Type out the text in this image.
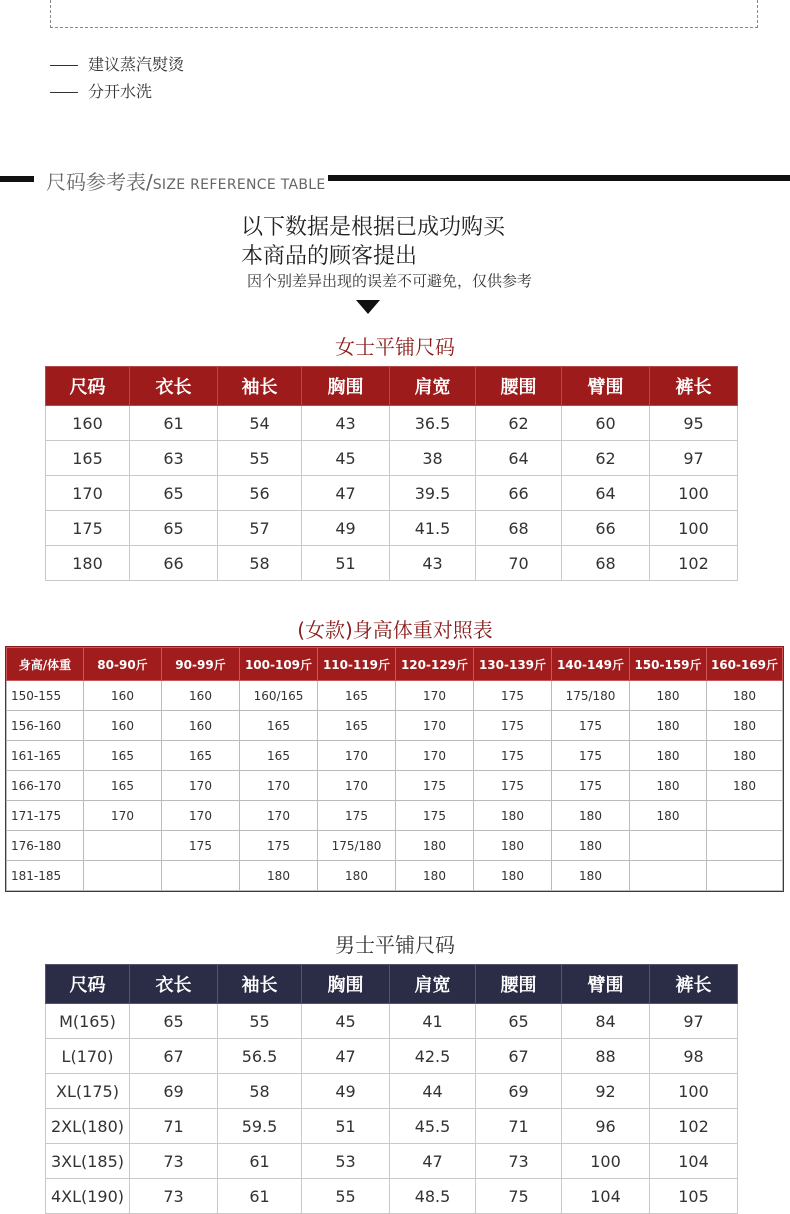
建议蒸汽熨烫
分开水洗
尺码参考表/SIZE REFERENCE TABLE
以下数据是根据已成功购买
本商品的顾客提出
因个别差异出现的误差不可避免，仅供参考
女士平铺尺码
尺码	衣长	袖长	胸围	肩宽	腰围	臂围	裤长
160	61	54	43	36.5	62	60	95
165	63	55	45	38	64	62	97
170	65	56	47	39.5	66	64	100
175	65	57	49	41.5	68	66	100
180	66	58	51	43	70	68	102
(女款)身高体重对照表
身高/体重	80-90斤	90-99斤	100-109斤	110-119斤	120-129斤	130-139斤	140-149斤	150-159斤	160-169斤
150-155	160	160	160/165	165	170	175	175/180	180	180
156-160	160	160	165	165	170	175	175	180	180
161-165	165	165	165	170	170	175	175	180	180
166-170	165	170	170	170	175	175	175	180	180
171-175	170	170	170	175	175	180	180	180	
176-180		175	175	175/180	180	180	180		
181-185			180	180	180	180	180		
男士平铺尺码
尺码	衣长	袖长	胸围	肩宽	腰围	臂围	裤长
M(165)	65	55	45	41	65	84	97
L(170)	67	56.5	47	42.5	67	88	98
XL(175)	69	58	49	44	69	92	100
2XL(180)	71	59.5	51	45.5	71	96	102
3XL(185)	73	61	53	47	73	100	104
4XL(190)	73	61	55	48.5	75	104	105
